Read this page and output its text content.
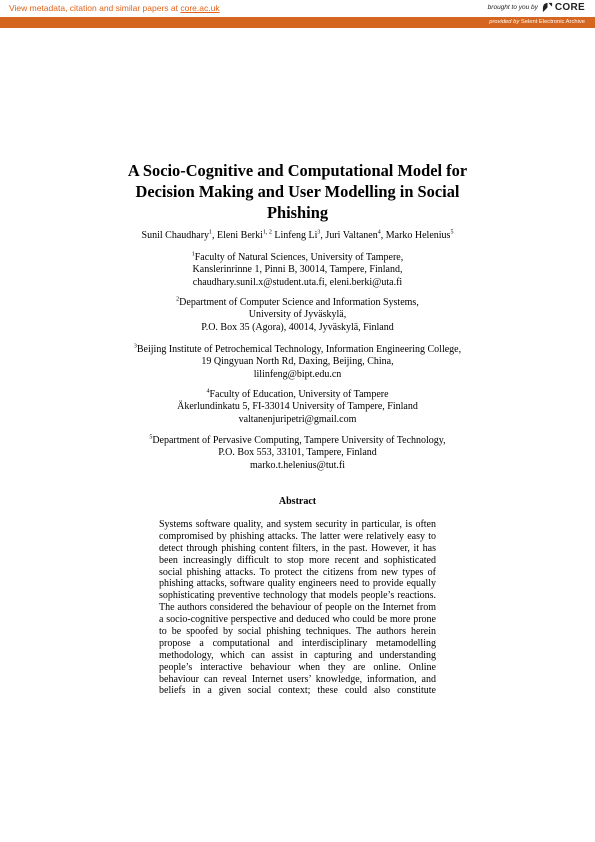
View metadata, citation and similar papers at core.ac.uk	brought to you by CORE
provided by Selent Electronic Archive
A Socio-Cognitive and Computational Model for
Decision Making and User Modelling in Social
Phishing
Sunil Chaudhary$^1$, Eleni Berki$^{1, 2}$ Linfeng Li$^3$, Juri Valtanen$^4$, Marko Helenius$^5$
$^1$Faculty of Natural Sciences, University of Tampere,
Kanslerinrinne 1, Pinni B, 30014, Tampere, Finland,
chaudhary.sunil.x@student.uta.fi, eleni.berki@uta.fi
$^2$Department of Computer Science and Information Systems,
University of Jyväskylä,
P.O. Box 35 (Agora), 40014, Jyväskylä, Finland
$^3$Beijing Institute of Petrochemical Technology, Information Engineering College,
19 Qingyuan North Rd, Daxing, Beijing, China,
lilinfeng@bipt.edu.cn
$^4$Faculty of Education, University of Tampere
Äkerlundinkatu 5, FI-33014 University of Tampere, Finland
valtanenjuripetri@gmail.com
$^5$Department of Pervasive Computing, Tampere University of Technology,
P.O. Box 553, 33101, Tampere, Finland
marko.t.helenius@tut.fi
Abstract
Systems software quality, and system security in particular, is often
compromised by phishing attacks. The latter were relatively easy to
detect through phishing content filters, in the past. However, it has
been increasingly difficult to stop more recent and sophisticated
social phishing attacks. To protect the citizens from new types of
phishing attacks, software quality engineers need to provide equally
sophisticating preventive technology that models people’s reactions.
The authors considered the behaviour of people on the Internet from
a socio-cognitive perspective and deduced who could be more prone
to be spoofed by social phishing techniques. The authors herein
propose a computational and interdisciplinary metamodelling
methodology, which can assist in capturing and understanding
people’s interactive behaviour when they are online. Online
behaviour can reveal Internet users’ knowledge, information, and
beliefs in a given social context; these could also constitute
